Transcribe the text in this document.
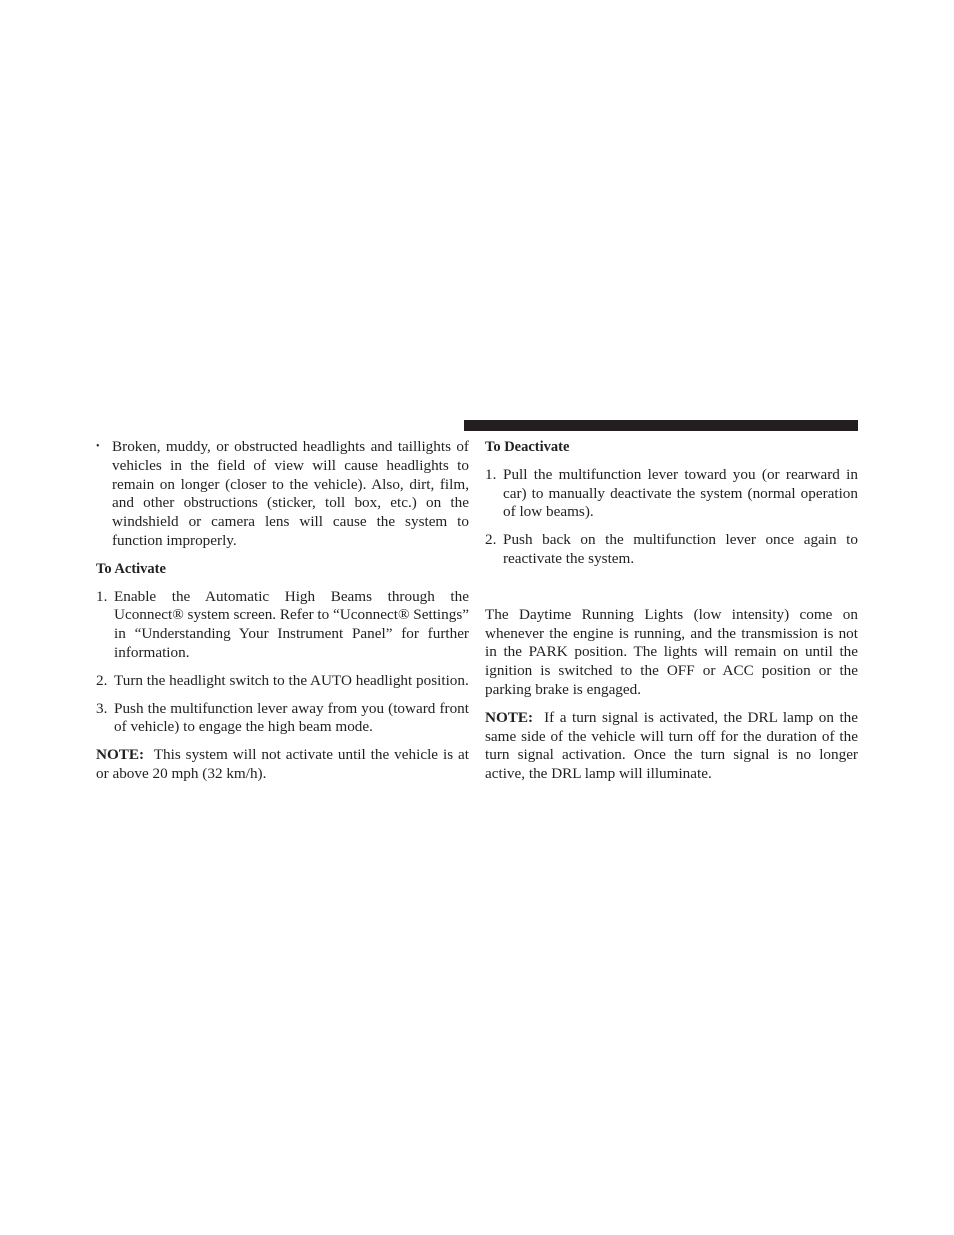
• Broken, muddy, or obstructed headlights and taillights of vehicles in the field of view will cause headlights to remain on longer (closer to the vehicle). Also, dirt, film, and other obstructions (sticker, toll box, etc.) on the windshield or camera lens will cause the system to function improperly.

To Activate
1. Enable the Automatic High Beams through the Uconnect® system screen. Refer to “Uconnect® Settings” in “Understanding Your Instrument Panel” for further information.

2. Turn the headlight switch to the AUTO headlight position.

3. Push the multifunction lever away from you (toward front of vehicle) to engage the high beam mode.

NOTE: This system will not activate until the vehicle is at or above 20 mph (32 km/h).

To Deactivate
1. Pull the multifunction lever toward you (or rearward in car) to manually deactivate the system (normal operation of low beams).

2. Push back on the multifunction lever once again to reactivate the system.

The Daytime Running Lights (low intensity) come on whenever the engine is running, and the transmission is not in the PARK position. The lights will remain on until the ignition is switched to the OFF or ACC position or the parking brake is engaged.

NOTE: If a turn signal is activated, the DRL lamp on the same side of the vehicle will turn off for the duration of the turn signal activation. Once the turn signal is no longer active, the DRL lamp will illuminate.
